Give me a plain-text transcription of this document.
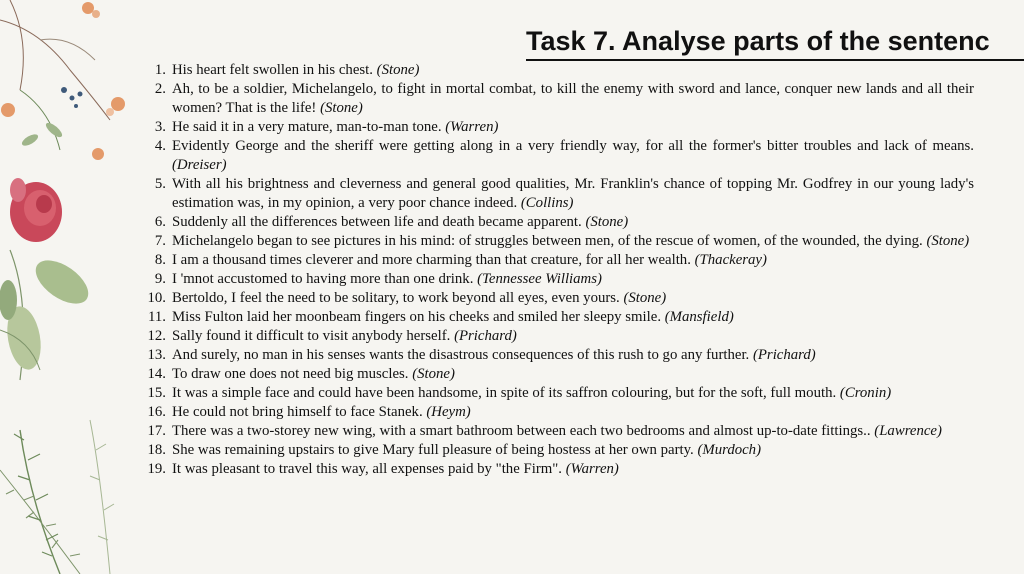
Task 7. Analyse parts of the sentenc
1. His heart felt swollen in his chest. (Stone)
2. Ah, to be a soldier, Michelangelo, to fight in mortal combat, to kill the enemy with sword and lance, conquer new lands and all their women? That is the life! (Stone)
3. He said it in a very mature, man-to-man tone. (Warren)
4. Evidently George and the sheriff were getting along in a very friendly way, for all the former's bitter troubles and lack of means. (Dreiser)
5. With all his brightness and cleverness and general good qualities, Mr. Franklin's chance of topping Mr. Godfrey in our young lady's estimation was, in my opinion, a very poor chance indeed. (Collins)
6. Suddenly all the differences between life and death became apparent. (Stone)
7. Michelangelo began to see pictures in his mind: of struggles between men, of the rescue of women, of the wounded, the dying. (Stone)
8. I am a thousand times cleverer and more charming than that creature, for all her wealth. (Thackeray)
9. I 'mnot accustomed to having more than one drink. (Tennessee Williams)
10. Bertoldo, I feel the need to be solitary, to work beyond all eyes, even yours. (Stone)
11. Miss Fulton laid her moonbeam fingers on his cheeks and smiled her sleepy smile. (Mansfield)
12. Sally found it difficult to visit anybody herself. (Prichard)
13. And surely, no man in his senses wants the disastrous consequences of this rush to go any further. (Prichard)
14. To draw one does not need big muscles. (Stone)
15. It was a simple face and could have been handsome, in spite of its saffron colouring, but for the soft, full mouth. (Cronin)
16. He could not bring himself to face Stanek. (Heym)
17. There was a two-storey new wing, with a smart bathroom between each two bedrooms and almost up-to-date fittings.. (Lawrence)
18. She was remaining upstairs to give Mary full pleasure of being hostess at her own party. (Murdoch)
19. It was pleasant to travel this way, all expenses paid by "the Firm". (Warren)
